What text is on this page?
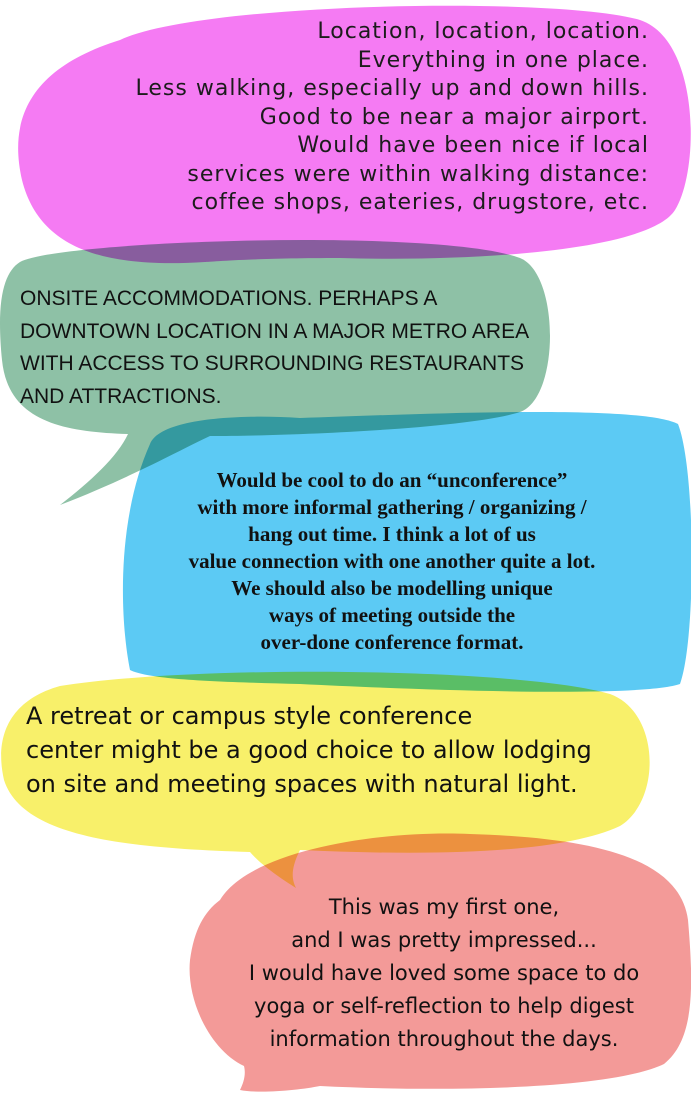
Location, location, location.
Everything in one place.
Less walking, especially up and down hills.
Good to be near a major airport.
Would have been nice if local
services were within walking distance:
coffee shops, eateries, drugstore, etc.

ONSITE ACCOMMODATIONS. PERHAPS A
DOWNTOWN LOCATION IN A MAJOR METRO AREA
WITH ACCESS TO SURROUNDING RESTAURANTS
AND ATTRACTIONS.

Would be cool to do an “unconference”
with more informal gathering / organizing /
hang out time. I think a lot of us
value connection with one another quite a lot.
We should also be modelling unique
ways of meeting outside the
over-done conference format.

A retreat or campus style conference
center might be a good choice to allow lodging
on site and meeting spaces with natural light.

This was my first one,
and I was pretty impressed...
I would have loved some space to do
yoga or self-reflection to help digest
information throughout the days.
